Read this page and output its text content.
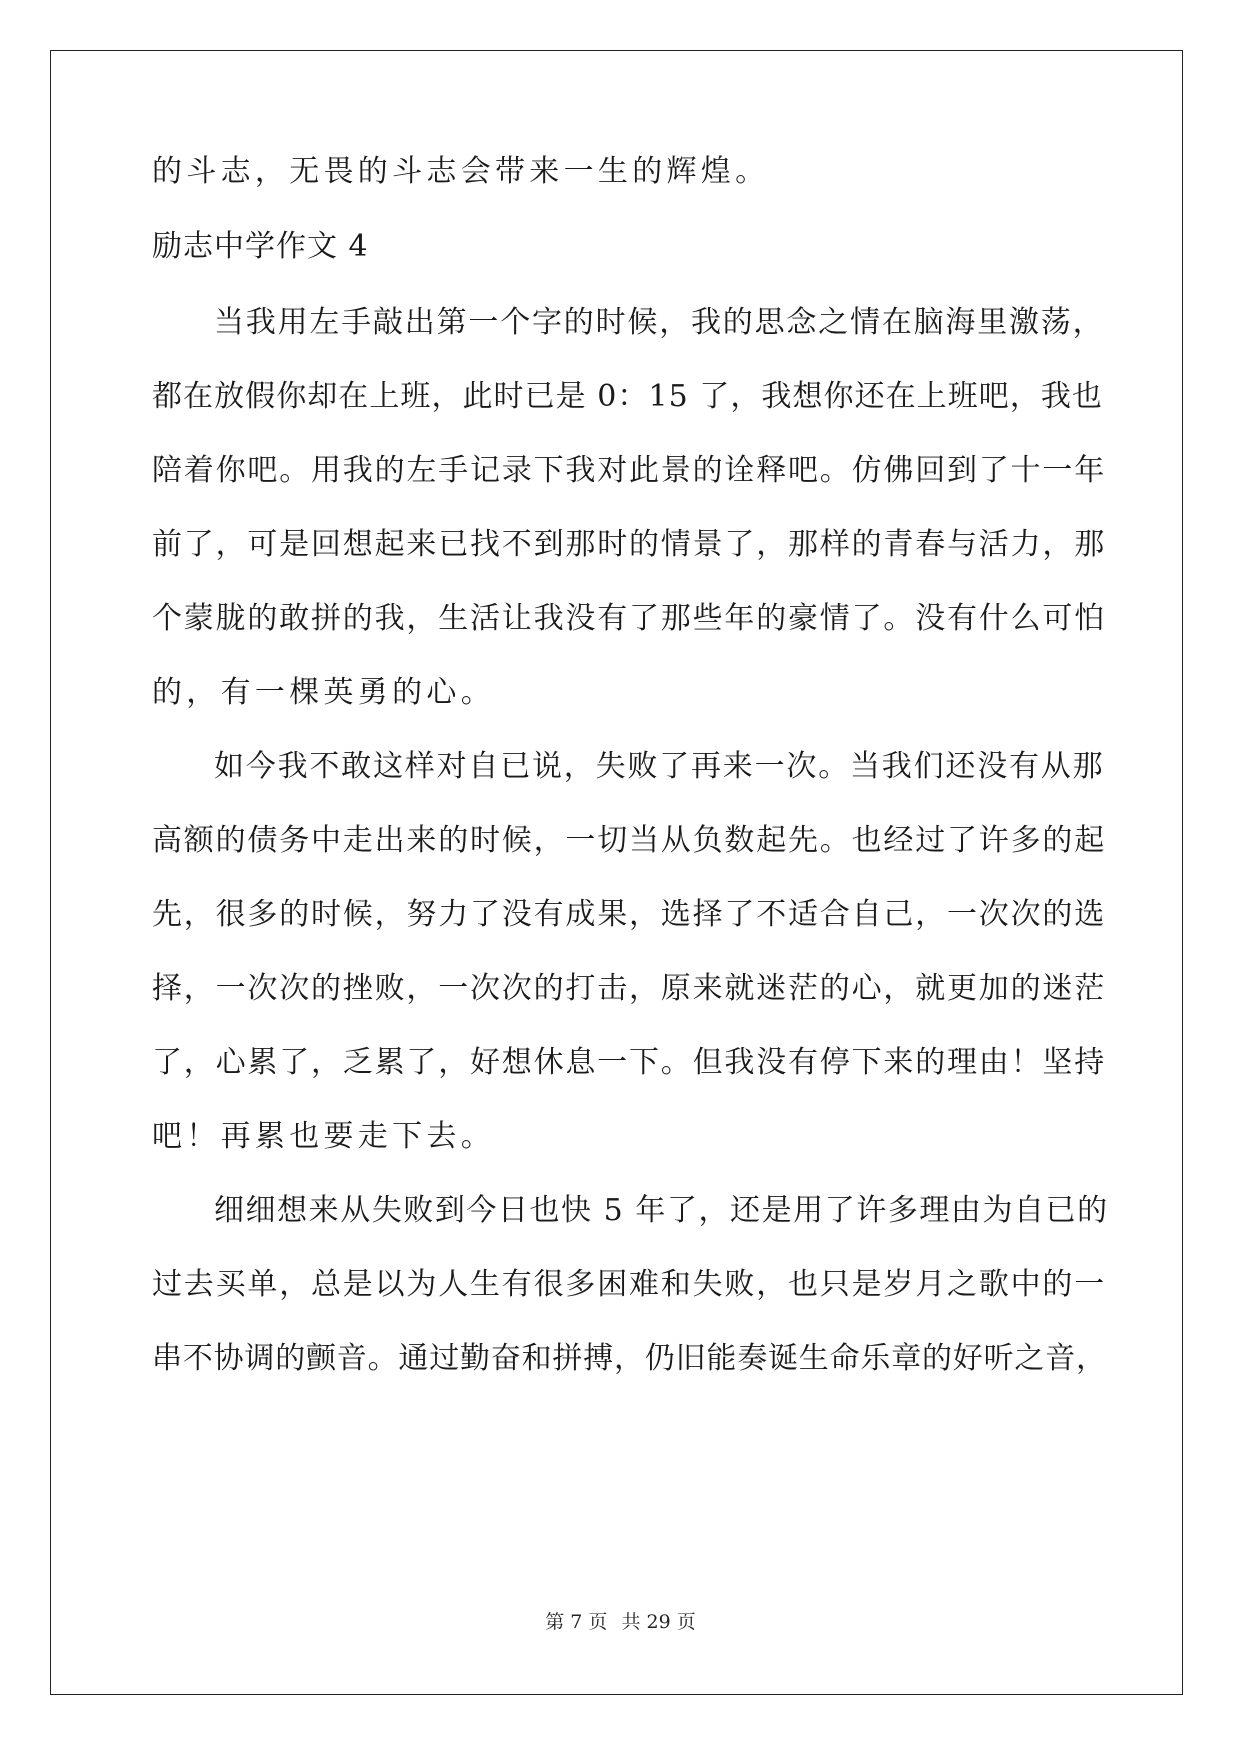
的斗志，无畏的斗志会带来一生的辉煌。
励志中学作文 4
当我用左手敲出第一个字的时候，我的思念之情在脑海里激荡，
都在放假你却在上班，此时已是 0：15 了，我想你还在上班吧，我也
陪着你吧。用我的左手记录下我对此景的诠释吧。仿佛回到了十一年
前了，可是回想起来已找不到那时的情景了，那样的青春与活力，那
个蒙胧的敢拼的我，生活让我没有了那些年的豪情了。没有什么可怕
的，有一棵英勇的心。
如今我不敢这样对自已说，失败了再来一次。当我们还没有从那
高额的债务中走出来的时候，一切当从负数起先。也经过了许多的起
先，很多的时候，努力了没有成果，选择了不适合自己，一次次的选
择，一次次的挫败，一次次的打击，原来就迷茫的心，就更加的迷茫
了，心累了，乏累了，好想休息一下。但我没有停下来的理由！坚持
吧！再累也要走下去。
细细想来从失败到今日也快 5 年了，还是用了许多理由为自已的
过去买单，总是以为人生有很多困难和失败，也只是岁月之歌中的一
串不协调的颤音。通过勤奋和拼搏，仍旧能奏诞生命乐章的好听之音，
第 7 页 共 29 页
